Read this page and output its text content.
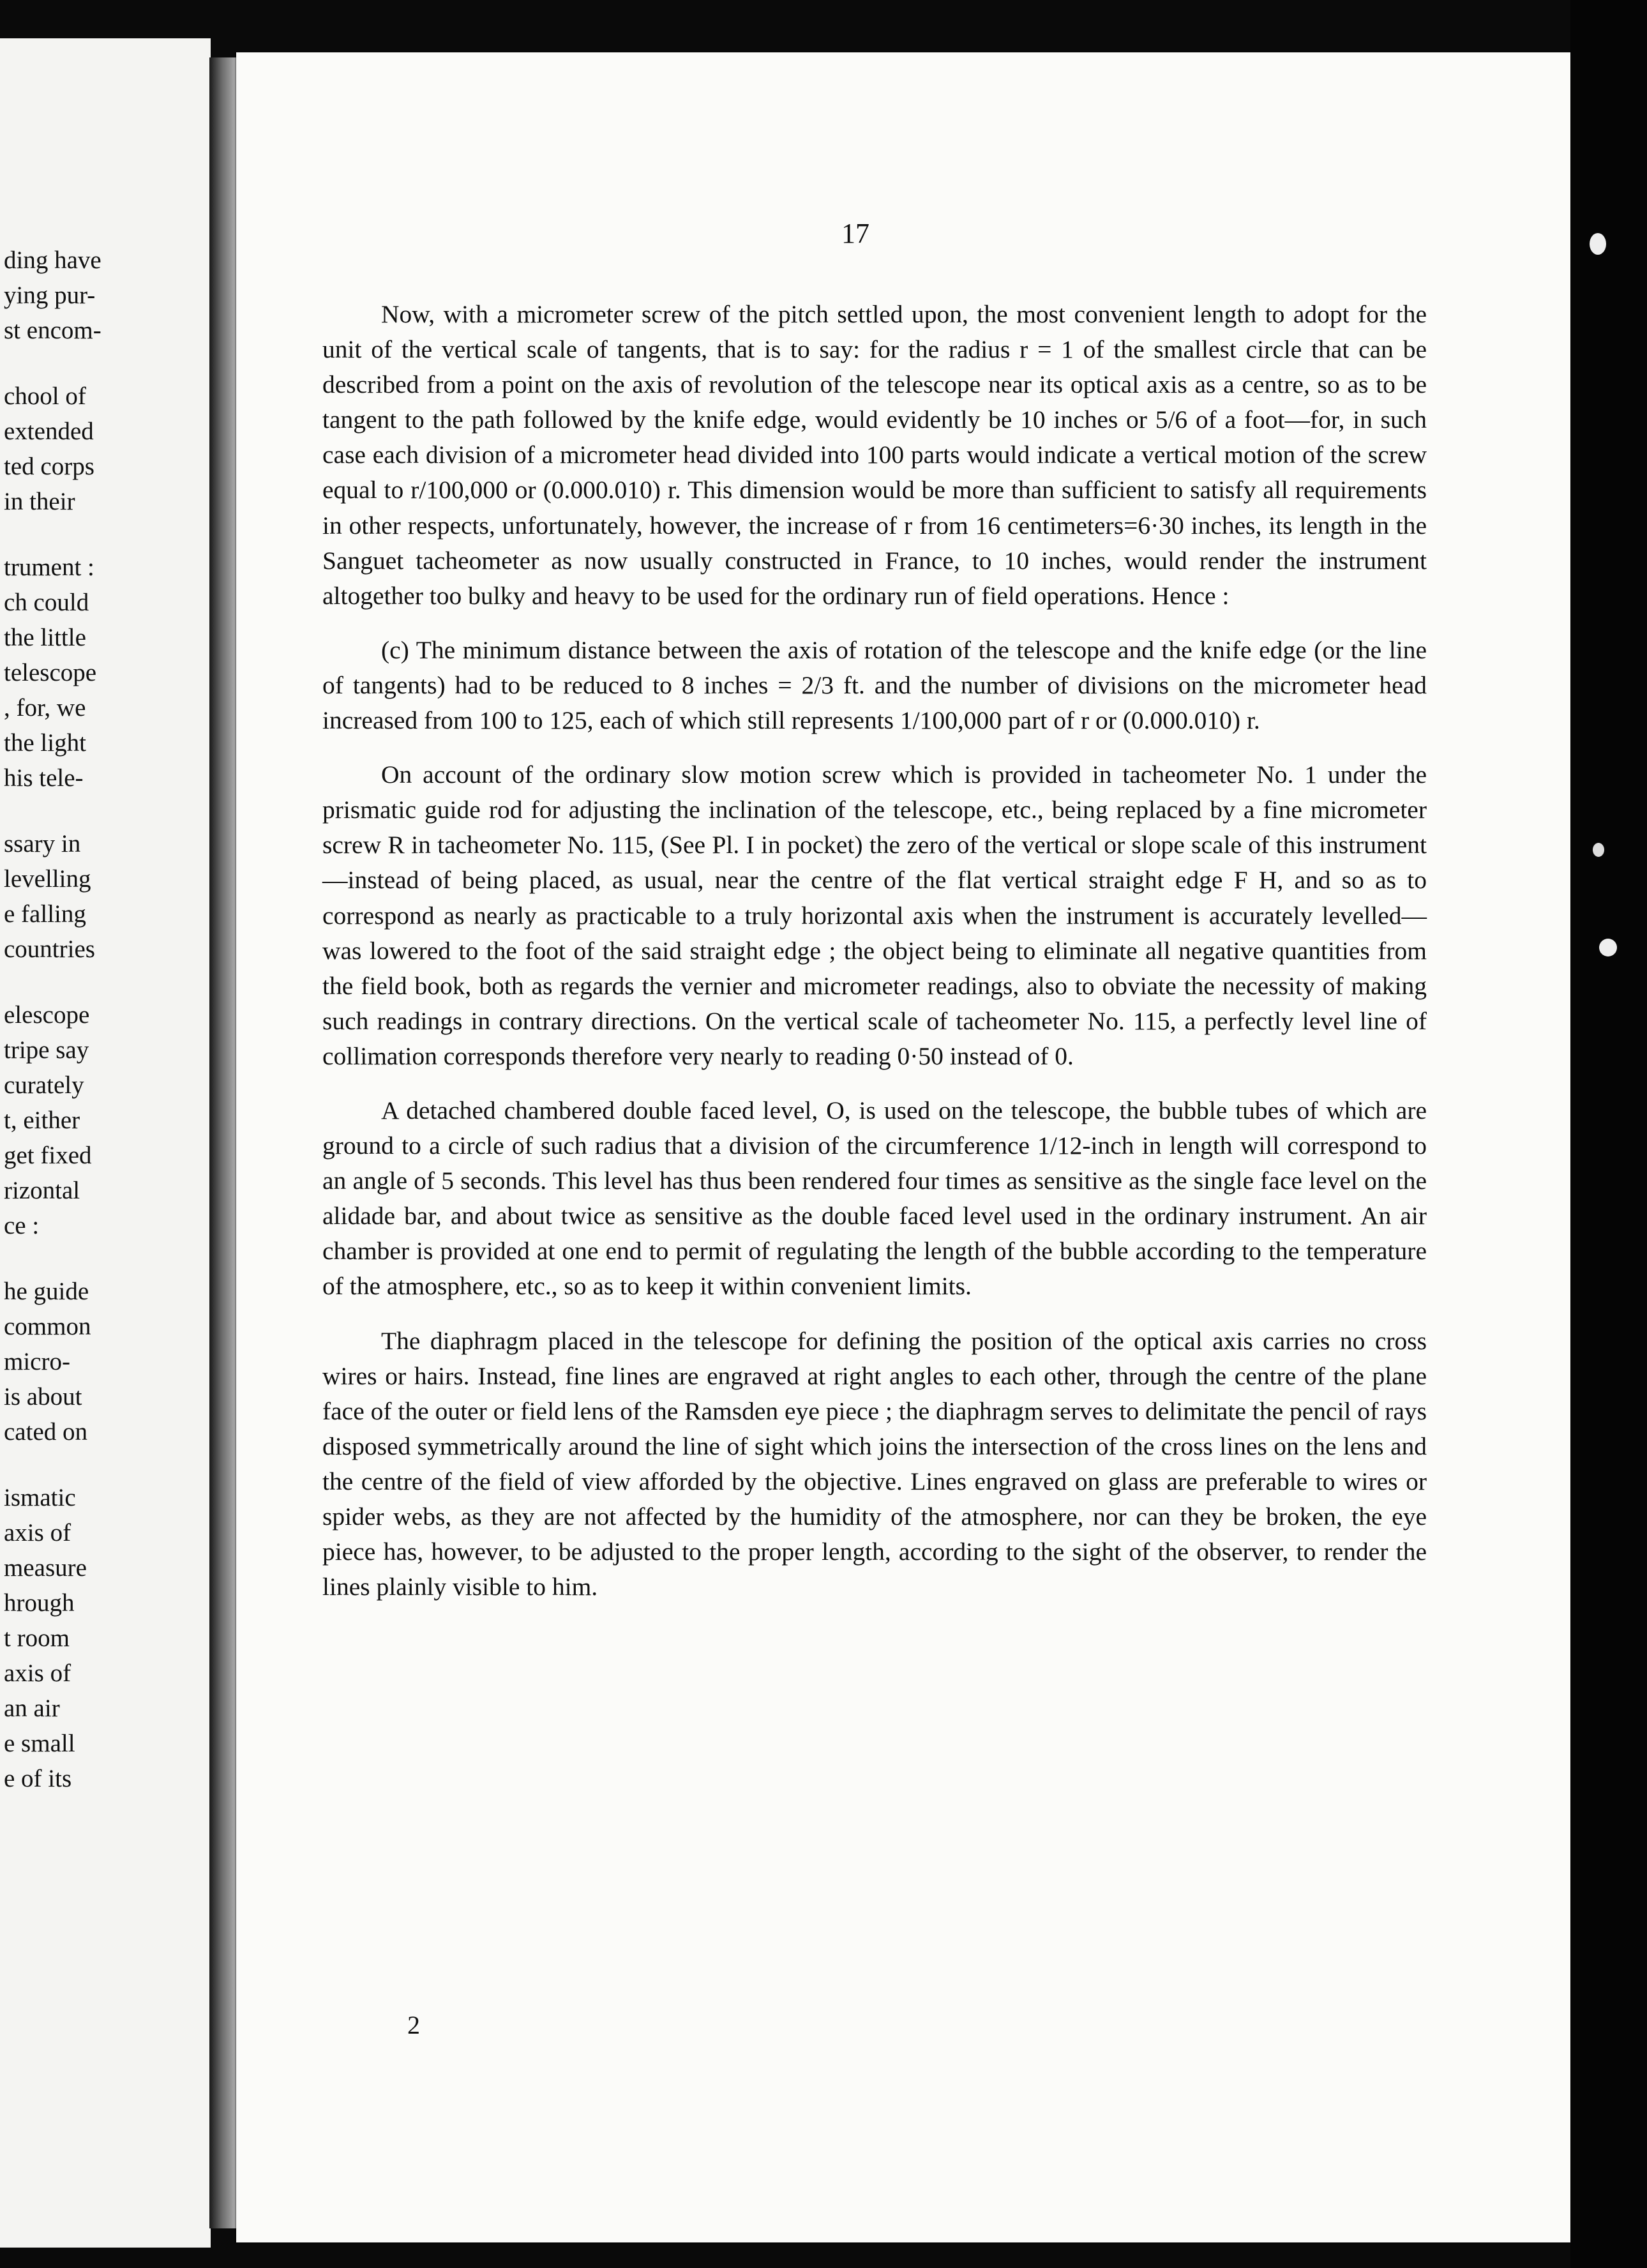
ding have
ying pur-
st encom-
chool of
extended
ted corps
in their
trument :
ch could
the little
telescope
, for, we
the light
his tele-
ssary in
levelling
e falling
countries
elescope
tripe say
curately
t, either
get fixed
rizontal
ce :
he guide
common
micro-
is about
cated on
ismatic
axis of
measure
hrough
t room
axis of
an air
e small
e of its
17

Now, with a micrometer screw of the pitch settled upon, the most convenient length to adopt for the unit of the vertical scale of tangents, that is to say: for the radius r = 1 of the smallest circle that can be described from a point on the axis of revolution of the telescope near its optical axis as a centre, so as to be tangent to the path followed by the knife edge, would evidently be 10 inches or 5/6 of a foot—for, in such case each division of a micrometer head divided into 100 parts would indicate a vertical motion of the screw equal to r/100,000 or (0.000.010) r. This dimension would be more than sufficient to satisfy all requirements in other respects, unfortunately, however, the increase of r from 16 centimeters=6·30 inches, its length in the Sanguet tacheometer as now usually constructed in France, to 10 inches, would render the instrument altogether too bulky and heavy to be used for the ordinary run of field operations. Hence :

(c) The minimum distance between the axis of rotation of the telescope and the knife edge (or the line of tangents) had to be reduced to 8 inches = 2/3 ft. and the number of divisions on the micrometer head increased from 100 to 125, each of which still represents 1/100,000 part of r or (0.000.010) r.

On account of the ordinary slow motion screw which is provided in tacheometer No. 1 under the prismatic guide rod for adjusting the inclination of the telescope, etc., being replaced by a fine micrometer screw R in tacheometer No. 115, (See Pl. I in pocket) the zero of the vertical or slope scale of this instrument—instead of being placed, as usual, near the centre of the flat vertical straight edge F H, and so as to correspond as nearly as practicable to a truly horizontal axis when the instrument is accurately levelled— was lowered to the foot of the said straight edge ; the object being to eliminate all negative quantities from the field book, both as regards the vernier and micrometer readings, also to obviate the necessity of making such readings in contrary directions. On the vertical scale of tacheometer No. 115, a perfectly level line of collimation corresponds therefore very nearly to reading 0·50 instead of 0.

A detached chambered double faced level, O, is used on the telescope, the bubble tubes of which are ground to a circle of such radius that a division of the circumference 1/12-inch in length will correspond to an angle of 5 seconds. This level has thus been rendered four times as sensitive as the single face level on the alidade bar, and about twice as sensitive as the double faced level used in the ordinary instrument. An air chamber is provided at one end to permit of regulating the length of the bubble according to the temperature of the atmosphere, etc., so as to keep it within convenient limits.

The diaphragm placed in the telescope for defining the position of the optical axis carries no cross wires or hairs. Instead, fine lines are engraved at right angles to each other, through the centre of the plane face of the outer or field lens of the Ramsden eye piece ; the diaphragm serves to delimitate the pencil of rays disposed symmetrically around the line of sight which joins the intersection of the cross lines on the lens and the centre of the field of view afforded by the objective. Lines engraved on glass are preferable to wires or spider webs, as they are not affected by the humidity of the atmosphere, nor can they be broken, the eye piece has, however, to be adjusted to the proper length, according to the sight of the observer, to render the lines plainly visible to him.

2
